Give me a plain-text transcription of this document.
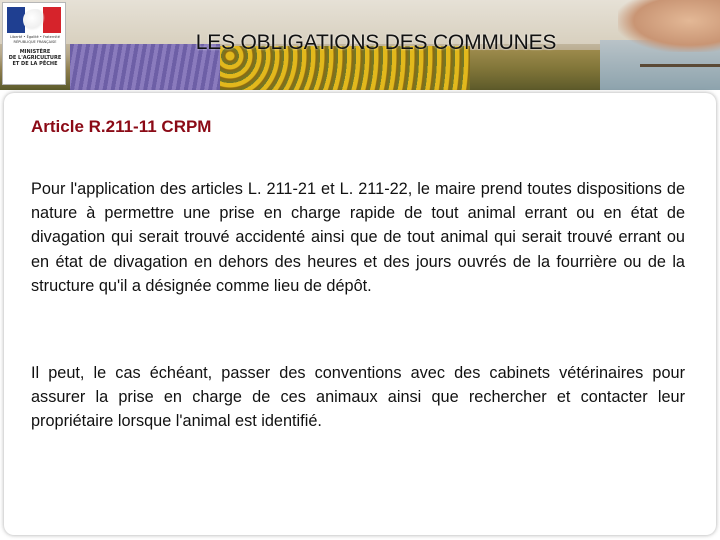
Liberté • Égalité • Fraternité
RÉPUBLIQUE FRANÇAISE
MINISTÈRE
DE L'AGRICULTURE
ET DE LA PÊCHE
LES OBLIGATIONS DES COMMUNES
Article R.211-11 CRPM
Pour l'application des articles L. 211-21 et L. 211-22, le maire prend toutes dispositions de nature à permettre une prise en charge rapide de tout animal errant ou en état de divagation qui serait trouvé accidenté ainsi que de tout animal qui serait trouvé errant ou en état de divagation en dehors des heures et des jours ouvrés de la fourrière ou de la structure qu'il a désignée comme lieu de dépôt.
Il peut, le cas échéant, passer des conventions avec des cabinets vétérinaires pour assurer la prise en charge de ces animaux ainsi que rechercher et contacter leur propriétaire lorsque l'animal est identifié.
